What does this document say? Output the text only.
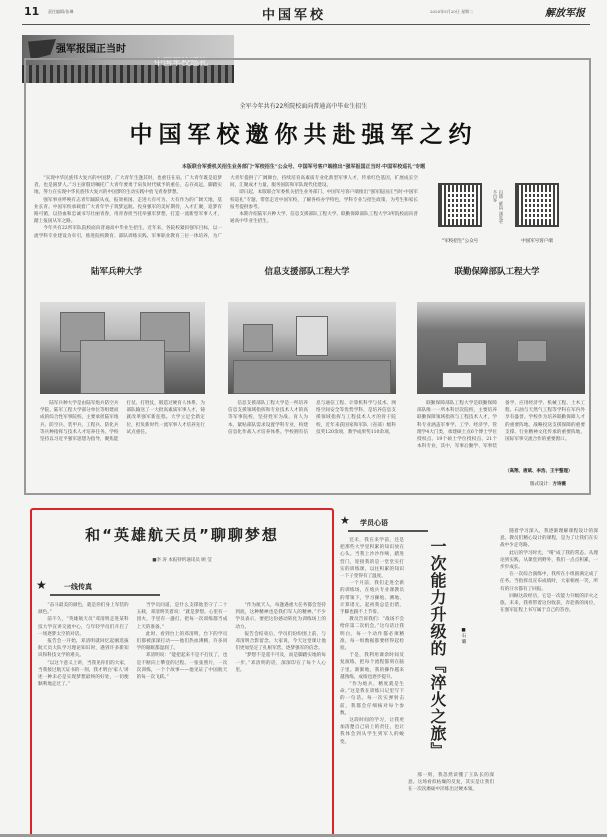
11 责任编辑/张琳	中国军校	2025年5月20日 星期二	解放军报
强军报国正当时
中国军校巡礼
全军今年共有22所院校面向普通高中毕业生招生
中国军校邀你共赴强军之约
本版联合军委机关招生业务部门“军校招生”公众号、中国军号客户端推出“强军报国正当时·中国军校巡礼”专题

“实现中华民族伟大复兴的中国梦，广大青年生逢其时，也重任在肩。广大青年既是追梦者，也是圆梦人。”习主席殷切嘱托广大青年要勇于肩负时代赋予的重任，志存高远，脚踏实地，努力在实现中华民族伟大复兴的中国梦的生动实践中放飞青春梦想。

强军事业呼唤有志青年踊跃从戎，报效祖国。走进大有可为、大有作为的广阔天地，基业长青。中国军校承载着广大青年学子筑梦远航、投身强军的美好期待，入才汇聚，追梦有路可循，以热血和忠诚书写壮丽青春，用青春担当托举强军梦想，打造一流新型军事人才，踏上报国从军之路。

今年共有22所军队院校面向普通高中毕业生招生。近年来，各院校紧扣强军目标，以一流学科专业建设为牵引，推进院校教育、部队训练实践、军事职业教育三位一体培养，为广大青年提供了广阔舞台，持续培育高素质专业化新型军事人才，传承红色基因，扩展成长空间，汇聚成才力量，服务国防和军队现代化建设。

即日起，本版联合军委机关招生业务部门、中国军号客户端推出“强军报国正当时·中国军校巡礼”专题，带您走近中国军校，了解各校办学特色，学科专业与招生政策，为考生和家长报考提供参考。

本期介绍陆军兵种大学、信息支援部队工程大学、联勤保障部队工程大学3所院校面向普通高中毕业生招生。	扫描二维码 浏览更多内容
“军校招生”公众号	中国军号客户端
陆军兵种大学	信息支援部队工程大学	联勤保障部队工程大学
陆军兵种大学是由陆军炮兵防空兵学院、陆军工程大学部分单位等组建而成的综合性军事院校，主要承担陆军炮兵、防空兵、装甲兵、工程兵、防化兵等兵种指挥与技术人才培养任务。学校坚持以习近平强军思想为指导，聚焦能打仗、打胜仗，锻造过硬育人体系，为部队输送了一大批高素质军事人才，铸就改革强军新征程。大学立足全新定位，担负新时代一流军事人才培养先行试点重任。
信息支援部队工程大学是一所培养信息支援领域指挥和专业技术人才的高等军事院校，坚持姓军为战、育人为本，紧贴部队需求设置学科专业，构建信息化作战人才培养体系。学校拥有信息与通信工程、计算机科学与技术、网络空间安全等优势学科，是培养信息支援领域指挥与工程技术人才的骨干院校，近年来获国家和军队（省部）级科技奖120余项，教学成果奖110余项。
联勤保障部队工程大学是联勤保障部队唯一一所本科层次院校，主要培养联勤保障领域指挥与工程技术人才，学科专业涵盖军事学、工学、经济学、管理学4大门类，承建硕士点6个博士学位授权点、19个硕士学位授权点、21个本科专业，其中，军事后勤学、军事装备学、应用经济学、机械工程、土木工程、石油与天然气工程等学科在军内外享有盛誉。学校作为培养联勤保障人才的重要阵地、战略投送支援保障的重要支撑、行业精神文化传承的重要阵地、国际军事交流合作的重要窗口。
（高翔、唐斌、李浩、王宇整理）
版式设计：方诗薇
和“英雄航天员”聊聊梦想
■李 涛 本报特约通讯员 顾 莹
★ 一线传真

“奋斗最美的颜色，就是你们身上军装的颜色。”

前不久，“英雄航天员”邓清明走进某科技大学宣讲交流中心，与年轻学员们开启了一场逐梦太空的对话。

报告会一开始，邓清明就回忆起刚选拔航天员大队学习理论知识时，遇到许多新知识和科技文学的难关。

“以这个意义上讲，当我见你们的大家，当我接过航天证书的一刻，我才明白‘家人’讲述一种未必是实现梦想最终的好处，一切便顺利地走过了。”

当学员问道，是什么支撑他坚守了二十五载，邓清明笑着说：“就是梦想。心里有一团火，手里有一盏灯，把每一次训练都当成上天的准备。”

此时，看到台上的邓清明，台下的学员们都被深深打动——他们热血沸腾，许多同学的眼眶都湿润了。

邓清明说：“能把起来不是不打仗了，也是不断向上攀登的过程。一张张照片，一次次训练，一个个故事——他见证了中国航天的每一次飞跃。”

“作为航天人，每逢遇重大任务都会坚持到底，这种精神也是我们军人的精神。”不少学员表示，要把这份感动转化为训练场上的动力。

报告会结束后，学员们纷纷围上前，与邓清明合影留念。大家说，今天这堂课让他们更加坚定了扎根军营、逐梦强军的信念。

“梦想不是遥不可及，而是脚踏实地的每一步。”邓清明的话，深深印在了每个人心里。

★ 学员心语

还未，我在来学前，还是把那些大学里积累的知识放在心头。当我上沙沙作响，踏进营门，迎接我的是一堂堂实打实的训练课，以往积累的知识一下子变得有了温度。

一个月前，我们走进全新的训练场，在炮兵专业课教员的带领下，学习操炮、测地、计算诸元。起初我总是出错，手脚也跟不上节奏。

教员告诉我们：“战场不会给你第二次机会。”这句话让我明白，每一个动作都必须精准，每一组数据都要经得起检验。

于是，我利用课余时间反复演练，把每个流程都刻在脑子里。渐渐地，我的操作越来越熟练，成绩也逐步提升。

“作为炮兵，精度就是生命。”这是我在训练日记里写下的一句话。每一次实弹射击前，我都会仔细核对每个参数。

这段时间的学习，让我更加清楚自己肩上的责任，也让我体会到从学生到军人的蜕变。	一次能力升级的『淬火之旅』	■石 璐

那一刻，我忽然读懂了王队长的深意。这场看似枯燥的反复，其实是让我们在一次次磨砺中淬炼出过硬本领。

随着学习深入，我逐渐理解课程设计的深意。教员们精心设计的课程，是为了让我们在实战中少走弯路。

此后的学习时光，“啃”成了我的常态。从理论到实践，从课堂到野外，我们一点点积累，一步步成长。

在一次综合演练中，我所在小组圆满完成了任务。当指挥员宣布成绩时，大家相视一笑，所有的汗水都有了回报。

回顾这段经历，它是一次能力升级的淬火之旅。未来，我将带着这份收获，奔赴新的岗位，在强军征程上书写属于自己的答卷。
